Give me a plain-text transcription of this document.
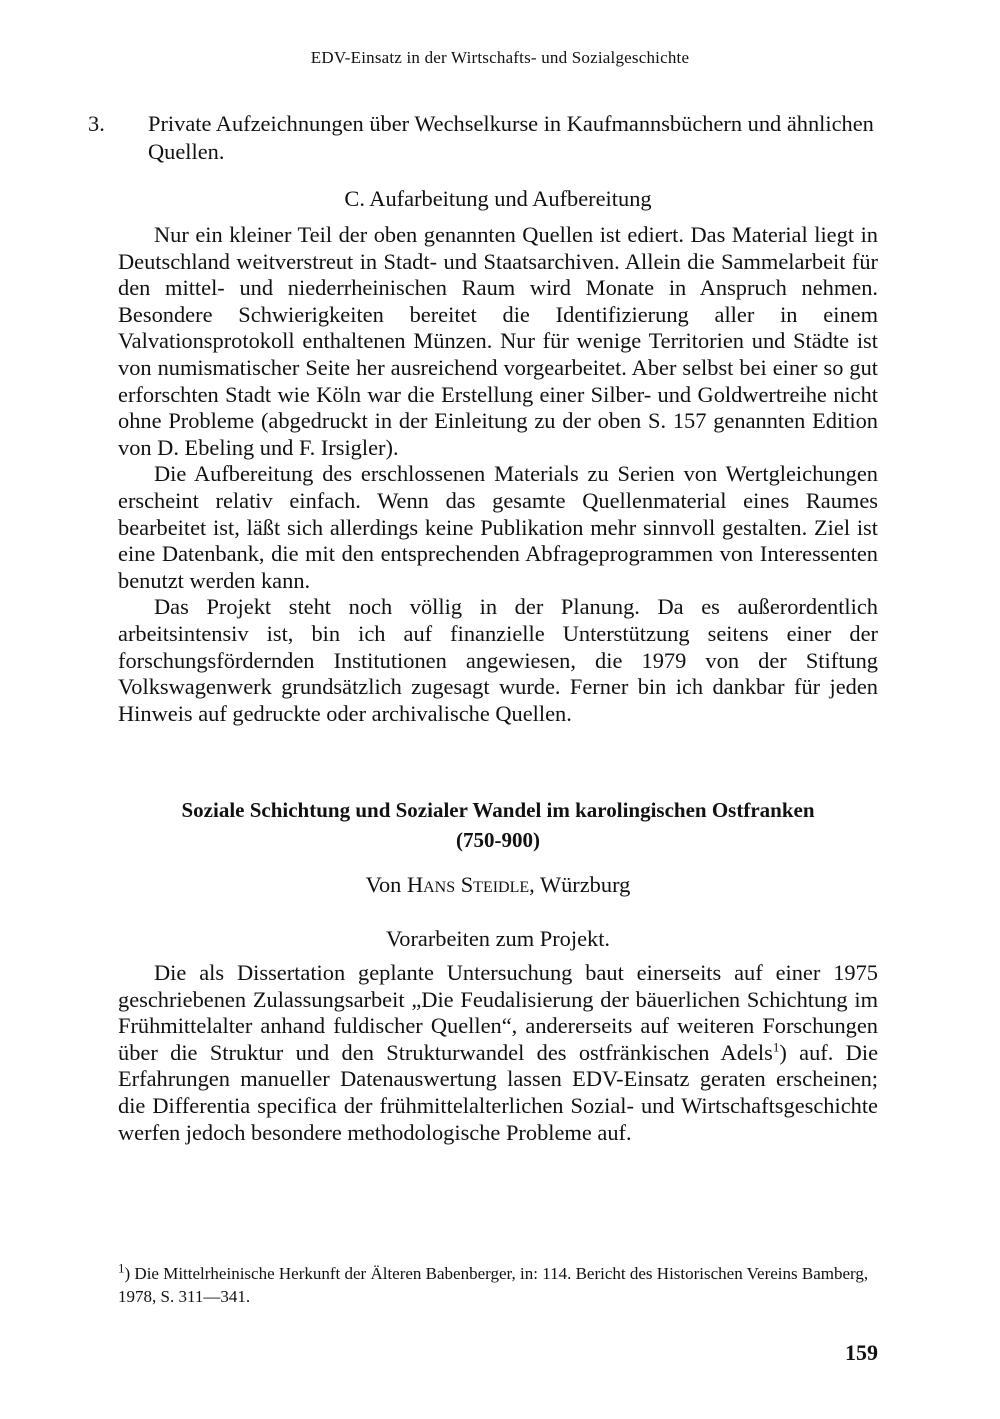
EDV-Einsatz in der Wirtschafts- und Sozialgeschichte
3. Private Aufzeichnungen über Wechselkurse in Kaufmannsbüchern und ähnlichen Quellen.
C. Aufarbeitung und Aufbereitung

Nur ein kleiner Teil der oben genannten Quellen ist ediert. Das Material liegt in Deutschland weitverstreut in Stadt- und Staatsarchiven. Allein die Sammelarbeit für den mittel- und niederrheinischen Raum wird Monate in Anspruch nehmen. Besondere Schwierigkeiten bereitet die Identifizierung aller in einem Valvationsprotokoll enthaltenen Münzen. Nur für wenige Territorien und Städte ist von numismatischer Seite her ausreichend vorgearbeitet. Aber selbst bei einer so gut erforschten Stadt wie Köln war die Erstellung einer Silber- und Goldwertreihe nicht ohne Probleme (abgedruckt in der Einleitung zu der oben S. 157 genannten Edition von D. Ebeling und F. Irsigler).

Die Aufbereitung des erschlossenen Materials zu Serien von Wertgleichungen erscheint relativ einfach. Wenn das gesamte Quellenmaterial eines Raumes bearbeitet ist, läßt sich allerdings keine Publikation mehr sinnvoll gestalten. Ziel ist eine Datenbank, die mit den entsprechenden Abfrageprogrammen von Interessenten benutzt werden kann.

Das Projekt steht noch völlig in der Planung. Da es außerordentlich arbeitsintensiv ist, bin ich auf finanzielle Unterstützung seitens einer der forschungsfördernden Institutionen angewiesen, die 1979 von der Stiftung Volkswagenwerk grundsätzlich zugesagt wurde. Ferner bin ich dankbar für jeden Hinweis auf gedruckte oder archivalische Quellen.

Soziale Schichtung und Sozialer Wandel im karolingischen Ostfranken
(750-900)
Von Hans Steidle, Würzburg
Vorarbeiten zum Projekt.

Die als Dissertation geplante Untersuchung baut einerseits auf einer 1975 geschriebenen Zulassungsarbeit „Die Feudalisierung der bäuerlichen Schichtung im Frühmittelalter anhand fuldischer Quellen“, andererseits auf weiteren Forschungen über die Struktur und den Strukturwandel des ostfränkischen Adels$^1$) auf. Die Erfahrungen manueller Datenauswertung lassen EDV-Einsatz geraten erscheinen; die Differentia specifica der frühmittelalterlichen Sozial- und Wirtschaftsgeschichte werfen jedoch besondere methodologische Probleme auf.

$^1$) Die Mittelrheinische Herkunft der Älteren Babenberger, in: 114. Bericht des Historischen Vereins Bamberg, 1978, S. 311—341.

159
